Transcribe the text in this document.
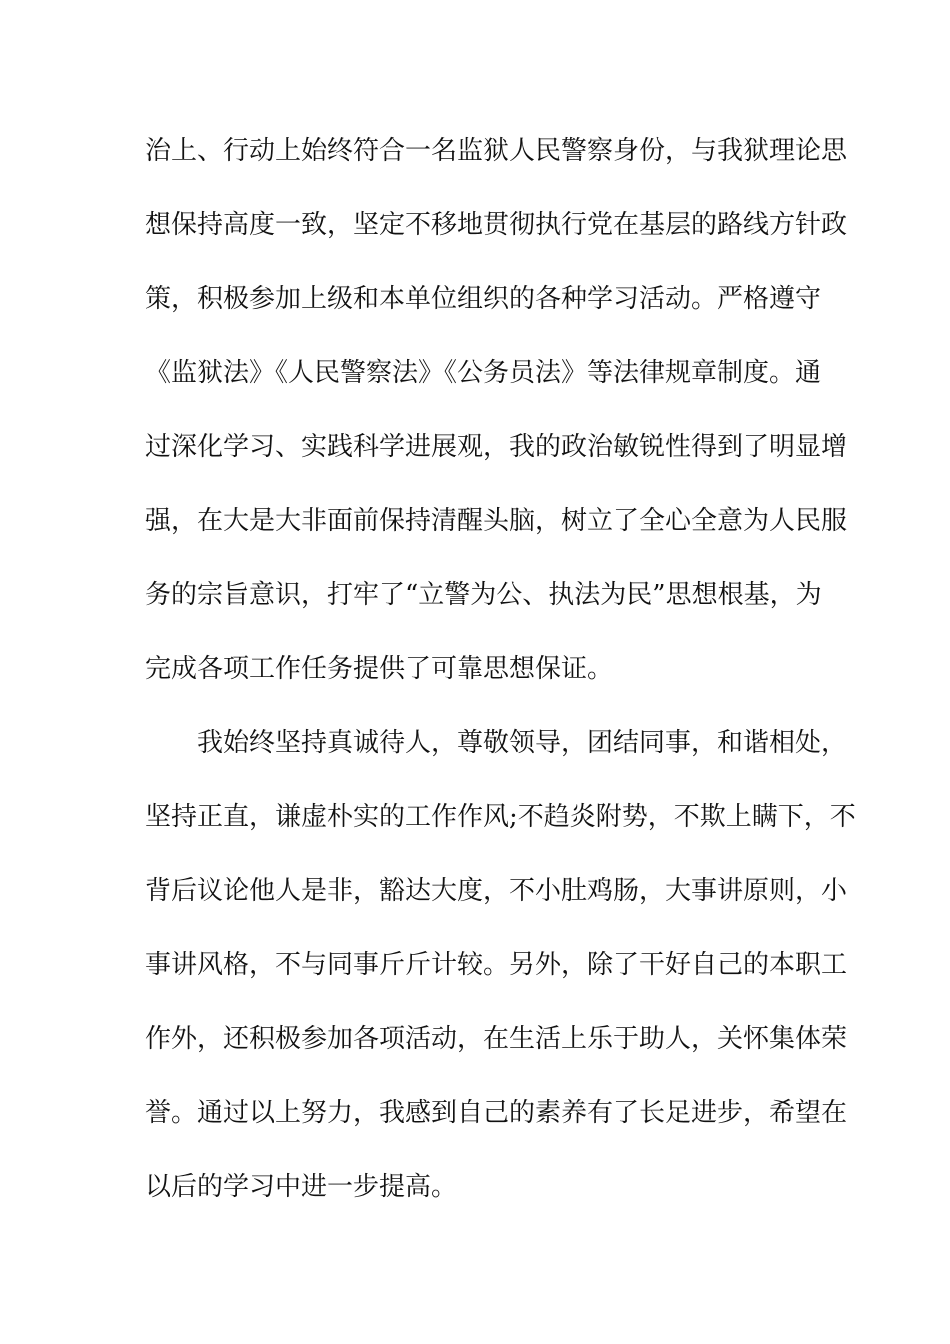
治上、行动上始终符合一名监狱人民警察身份，与我狱理论思
想保持高度一致，坚定不移地贯彻执行党在基层的路线方针政
策，积极参加上级和本单位组织的各种学习活动。严格遵守
《监狱法》《人民警察法》《公务员法》等法律规章制度。通
过深化学习、实践科学进展观，我的政治敏锐性得到了明显增
强，在大是大非面前保持清醒头脑，树立了全心全意为人民服
务的宗旨意识，打牢了“立警为公、执法为民”思想根基，为
完成各项工作任务提供了可靠思想保证。
我始终坚持真诚待人，尊敬领导，团结同事，和谐相处，
坚持正直，谦虚朴实的工作作风;不趋炎附势，不欺上瞒下，不
背后议论他人是非，豁达大度，不小肚鸡肠，大事讲原则，小
事讲风格，不与同事斤斤计较。另外，除了干好自己的本职工
作外，还积极参加各项活动，在生活上乐于助人，关怀集体荣
誉。通过以上努力，我感到自己的素养有了长足进步，希望在
以后的学习中进一步提高。
